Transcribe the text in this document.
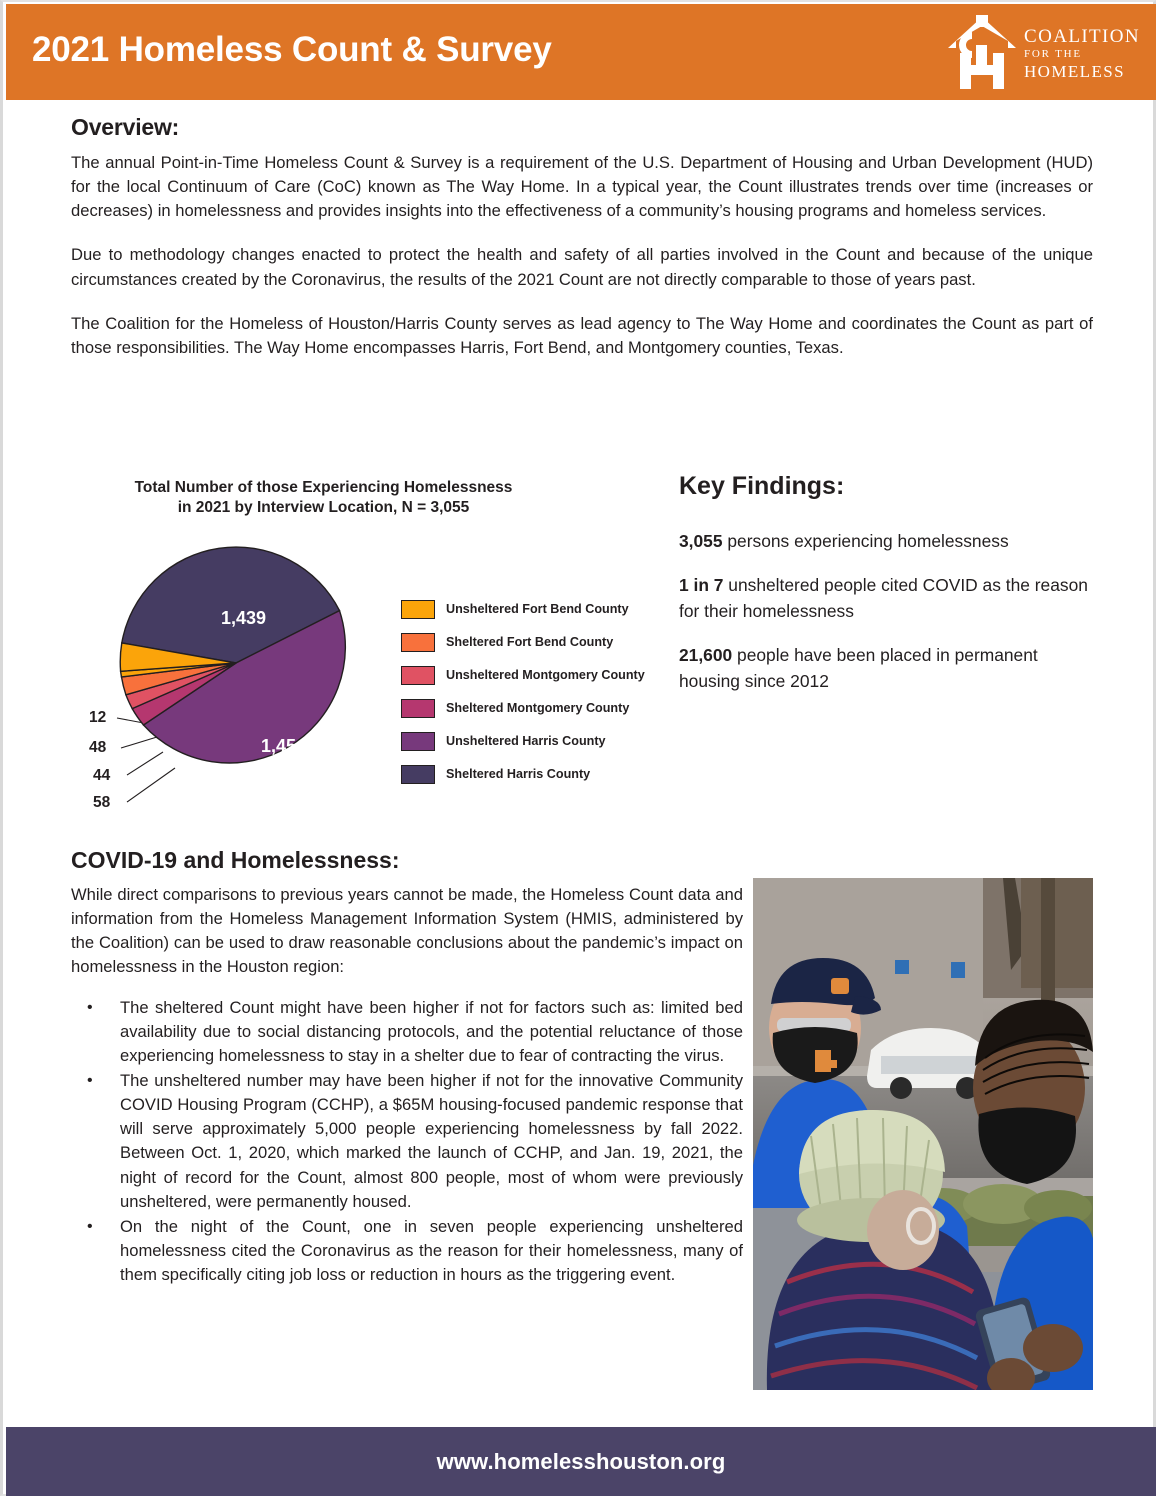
2021 Homeless Count & Survey	COALITION
FOR THE
HOMELESS
Overview:

The annual Point-in-Time Homeless Count & Survey is a requirement of the U.S. Department of Housing and Urban Development (HUD) for the local Continuum of Care (CoC) known as The Way Home. In a typical year, the Count illustrates trends over time (increases or decreases) in homelessness and provides insights into the effectiveness of a community’s housing programs and homeless services.

Due to methodology changes enacted to protect the health and safety of all parties involved in the Count and because of the unique circumstances created by the Coronavirus, the results of the 2021 Count are not directly comparable to those of years past.

The Coalition for the Homeless of Houston/Harris County serves as lead agency to The Way Home and coordinates the Count as part of those responsibilities. The Way Home encompasses Harris, Fort Bend, and Montgomery counties, Texas.

Total Number of those Experiencing Homelessness
in 2021 by Interview Location, N = 3,055
1,439
1,454
12
48
44
58
Unsheltered Fort Bend County
Sheltered Fort Bend County
Unsheltered Montgomery County
Sheltered Montgomery County
Unsheltered Harris County
Sheltered Harris County
Key Findings:
3,055 persons experiencing homelessness
1 in 7 unsheltered people cited COVID as the reason for their homelessness
21,600 people have been placed in permanent housing since 2012
COVID-19 and Homelessness:

While direct comparisons to previous years cannot be made, the Homeless Count data and information from the Homeless Management Information System (HMIS, administered by the Coalition) can be used to draw reasonable conclusions about the pandemic’s impact on homelessness in the Houston region:

• The sheltered Count might have been higher if not for factors such as: limited bed availability due to social distancing protocols, and the potential reluctance of those experiencing homelessness to stay in a shelter due to fear of contracting the virus.
• The unsheltered number may have been higher if not for the innovative Community COVID Housing Program (CCHP), a $65M housing-focused pandemic response that will serve approximately 5,000 people experiencing homelessness by fall 2022. Between Oct. 1, 2020, which marked the launch of CCHP, and Jan. 19, 2021, the night of record for the Count, almost 800 people, most of whom were previously unsheltered, were permanently housed.
• On the night of the Count, one in seven people experiencing unsheltered homelessness cited the Coronavirus as the reason for their homelessness, many of them specifically citing job loss or reduction in hours as the triggering event.
www.homelesshouston.org
